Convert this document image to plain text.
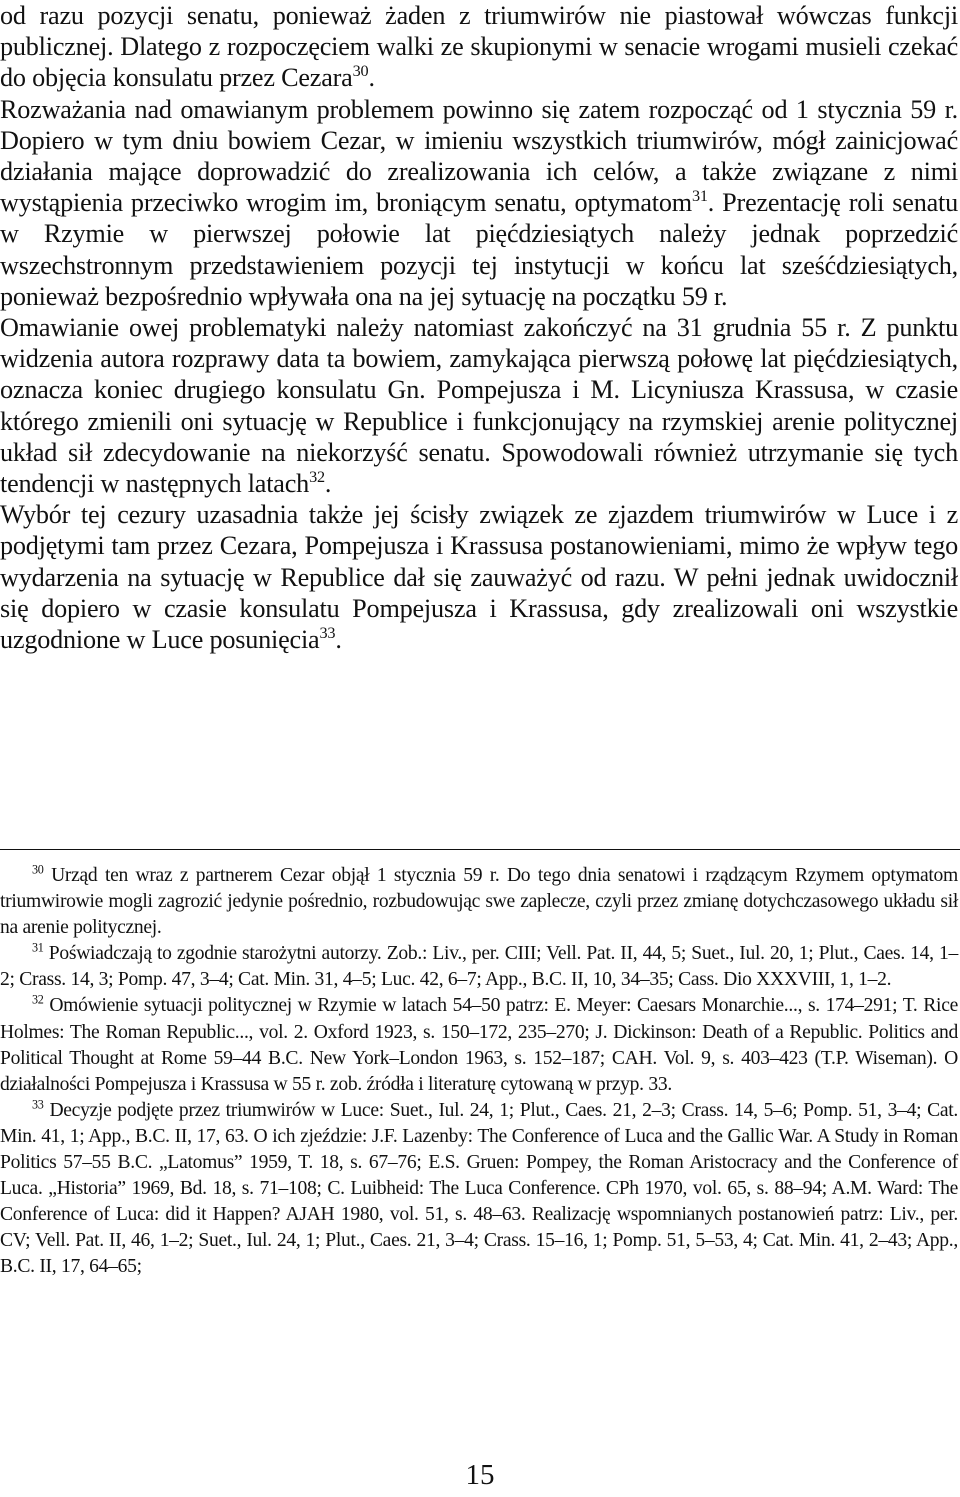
od razu pozycji senatu, ponieważ żaden z triumwirów nie piastował wówczas funkcji publicznej. Dlatego z rozpoczęciem walki ze skupionymi w senacie wrogami musieli czekać do objęcia konsulatu przez Cezara$^{30}$.

Rozważania nad omawianym problemem powinno się zatem rozpocząć od 1 stycznia 59 r. Dopiero w tym dniu bowiem Cezar, w imieniu wszystkich triumwirów, mógł zainicjować działania mające doprowadzić do zrealizowania ich celów, a także związane z nimi wystąpienia przeciwko wrogim im, broniącym senatu, optymatom$^{31}$. Prezentację roli senatu w Rzymie w pierwszej połowie lat pięćdziesiątych należy jednak poprzedzić wszechstronnym przedstawieniem pozycji tej instytucji w końcu lat sześćdziesiątych, ponieważ bezpośrednio wpływała ona na jej sytuację na początku 59 r.

Omawianie owej problematyki należy natomiast zakończyć na 31 grudnia 55 r. Z punktu widzenia autora rozprawy data ta bowiem, zamykająca pierwszą połowę lat pięćdziesiątych, oznacza koniec drugiego konsulatu Gn. Pompejusza i M. Licyniusza Krassusa, w czasie którego zmienili oni sytuację w Republice i funkcjonujący na rzymskiej arenie politycznej układ sił zdecydowanie na niekorzyść senatu. Spowodowali również utrzymanie się tych tendencji w następnych latach$^{32}$.

Wybór tej cezury uzasadnia także jej ścisły związek ze zjazdem triumwirów w Luce i z podjętymi tam przez Cezara, Pompejusza i Krassusa postanowieniami, mimo że wpływ tego wydarzenia na sytuację w Republice dał się zauważyć od razu. W pełni jednak uwidocznił się dopiero w czasie konsulatu Pompejusza i Krassusa, gdy zrealizowali oni wszystkie uzgodnione w Luce posunięcia$^{33}$.

$^{30}$ Urząd ten wraz z partnerem Cezar objął 1 stycznia 59 r. Do tego dnia senatowi i rządzącym Rzymem optymatom triumwirowie mogli zagrozić jedynie pośrednio, rozbudowując swe zaplecze, czyli przez zmianę dotychczasowego układu sił na arenie politycznej.

$^{31}$ Poświadczają to zgodnie starożytni autorzy. Zob.: Liv., per. CIII; Vell. Pat. II, 44, 5; Suet., Iul. 20, 1; Plut., Caes. 14, 1–2; Crass. 14, 3; Pomp. 47, 3–4; Cat. Min. 31, 4–5; Luc. 42, 6–7; App., B.C. II, 10, 34–35; Cass. Dio XXXVIII, 1, 1–2.

$^{32}$ Omówienie sytuacji politycznej w Rzymie w latach 54–50 patrz: E. Meyer: Caesars Monarchie..., s. 174–291; T. Rice Holmes: The Roman Republic..., vol. 2. Oxford 1923, s. 150–172, 235–270; J. Dickinson: Death of a Republic. Politics and Political Thought at Rome 59–44 B.C. New York–London 1963, s. 152–187; CAH. Vol. 9, s. 403–423 (T.P. Wiseman). O działalności Pompejusza i Krassusa w 55 r. zob. źródła i literaturę cytowaną w przyp. 33.

$^{33}$ Decyzje podjęte przez triumwirów w Luce: Suet., Iul. 24, 1; Plut., Caes. 21, 2–3; Crass. 14, 5–6; Pomp. 51, 3–4; Cat. Min. 41, 1; App., B.C. II, 17, 63. O ich zjeździe: J.F. Lazenby: The Conference of Luca and the Gallic War. A Study in Roman Politics 57–55 B.C. „Latomus” 1959, T. 18, s. 67–76; E.S. Gruen: Pompey, the Roman Aristocracy and the Conference of Luca. „Historia” 1969, Bd. 18, s. 71–108; C. Luibheid: The Luca Conference. CPh 1970, vol. 65, s. 88–94; A.M. Ward: The Conference of Luca: did it Happen? AJAH 1980, vol. 51, s. 48–63. Realizację wspomnianych postanowień patrz: Liv., per. CV; Vell. Pat. II, 46, 1–2; Suet., Iul. 24, 1; Plut., Caes. 21, 3–4; Crass. 15–16, 1; Pomp. 51, 5–53, 4; Cat. Min. 41, 2–43; App., B.C. II, 17, 64–65;

15
